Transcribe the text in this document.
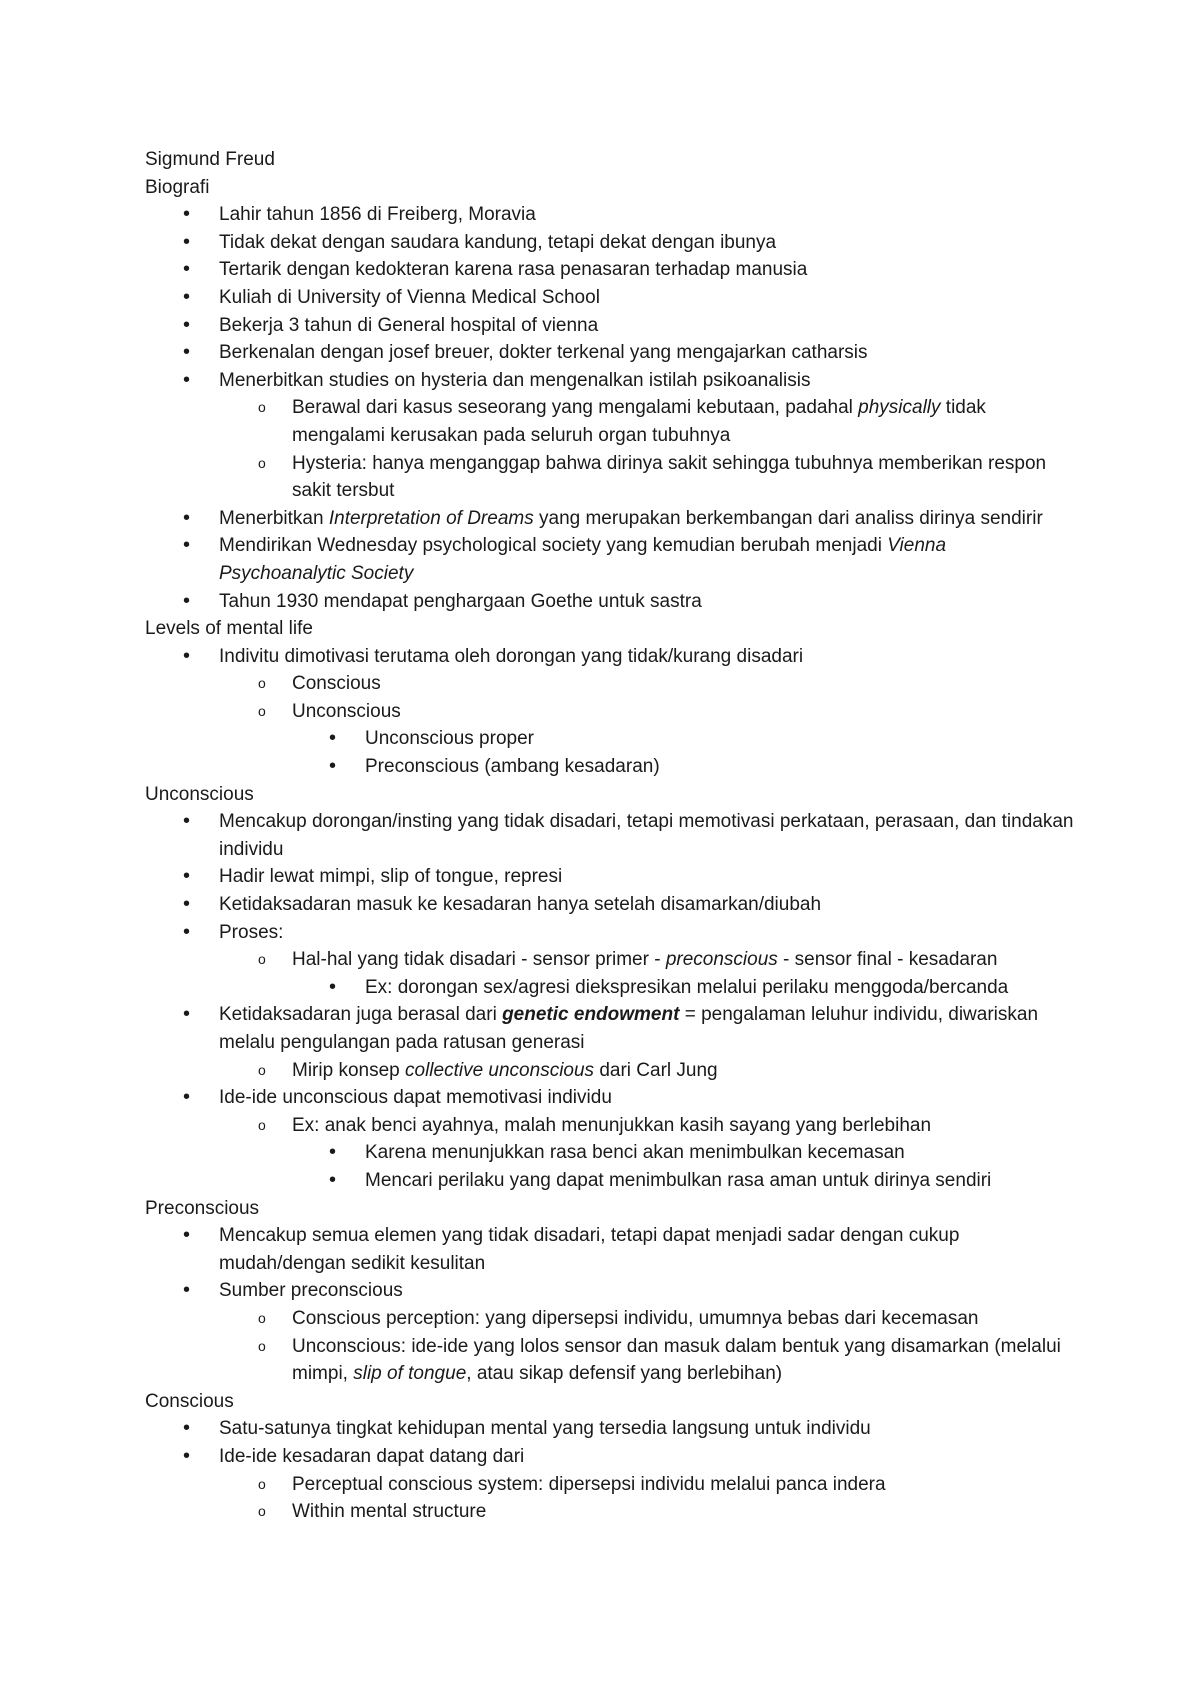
Sigmund Freud

Biografi

•
Lahir tahun 1856 di Freiberg, Moravia
•
Tidak dekat dengan saudara kandung, tetapi dekat dengan ibunya
•
Tertarik dengan kedokteran karena rasa penasaran terhadap manusia
•
Kuliah di University of Vienna Medical School
•
Bekerja 3 tahun di General hospital of vienna
•
Berkenalan dengan josef breuer, dokter terkenal yang mengajarkan catharsis
•
Menerbitkan studies on hysteria dan mengenalkan istilah psikoanalisis
o
Berawal dari kasus seseorang yang mengalami kebutaan, padahal physically tidak mengalami kerusakan pada seluruh organ tubuhnya
o
Hysteria: hanya menganggap bahwa dirinya sakit sehingga tubuhnya memberikan respon sakit tersbut
•
Menerbitkan Interpretation of Dreams yang merupakan berkembangan dari analiss dirinya sendirir
•
Mendirikan Wednesday psychological society yang kemudian berubah menjadi Vienna Psychoanalytic Society
•
Tahun 1930 mendapat penghargaan Goethe untuk sastra

Levels of mental life

•
Indivitu dimotivasi terutama oleh dorongan yang tidak/kurang disadari
o
Conscious
o
Unconscious
•
Unconscious proper
•
Preconscious (ambang kesadaran)

Unconscious

•
Mencakup dorongan/insting yang tidak disadari, tetapi memotivasi perkataan, perasaan, dan tindakan individu
•
Hadir lewat mimpi, slip of tongue, represi
•
Ketidaksadaran masuk ke kesadaran hanya setelah disamarkan/diubah
•
Proses:
o
Hal-hal yang tidak disadari - sensor primer - preconscious - sensor final - kesadaran
•
Ex: dorongan sex/agresi diekspresikan melalui perilaku menggoda/bercanda
•
Ketidaksadaran juga berasal dari genetic endowment = pengalaman leluhur individu, diwariskan melalu pengulangan pada ratusan generasi
o
Mirip konsep collective unconscious dari Carl Jung
•
Ide-ide unconscious dapat memotivasi individu
o
Ex: anak benci ayahnya, malah menunjukkan kasih sayang yang berlebihan
•
Karena menunjukkan rasa benci akan menimbulkan kecemasan
•
Mencari perilaku yang dapat menimbulkan rasa aman untuk dirinya sendiri

Preconscious

•
Mencakup semua elemen yang tidak disadari, tetapi dapat menjadi sadar dengan cukup mudah/dengan sedikit kesulitan
•
Sumber preconscious
o
Conscious perception: yang dipersepsi individu, umumnya bebas dari kecemasan
o
Unconscious: ide-ide yang lolos sensor dan masuk dalam bentuk yang disamarkan (melalui mimpi, slip of tongue, atau sikap defensif yang berlebihan)

Conscious

•
Satu-satunya tingkat kehidupan mental yang tersedia langsung untuk individu
•
Ide-ide kesadaran dapat datang dari
o
Perceptual conscious system: dipersepsi individu melalui panca indera
o
Within mental structure
